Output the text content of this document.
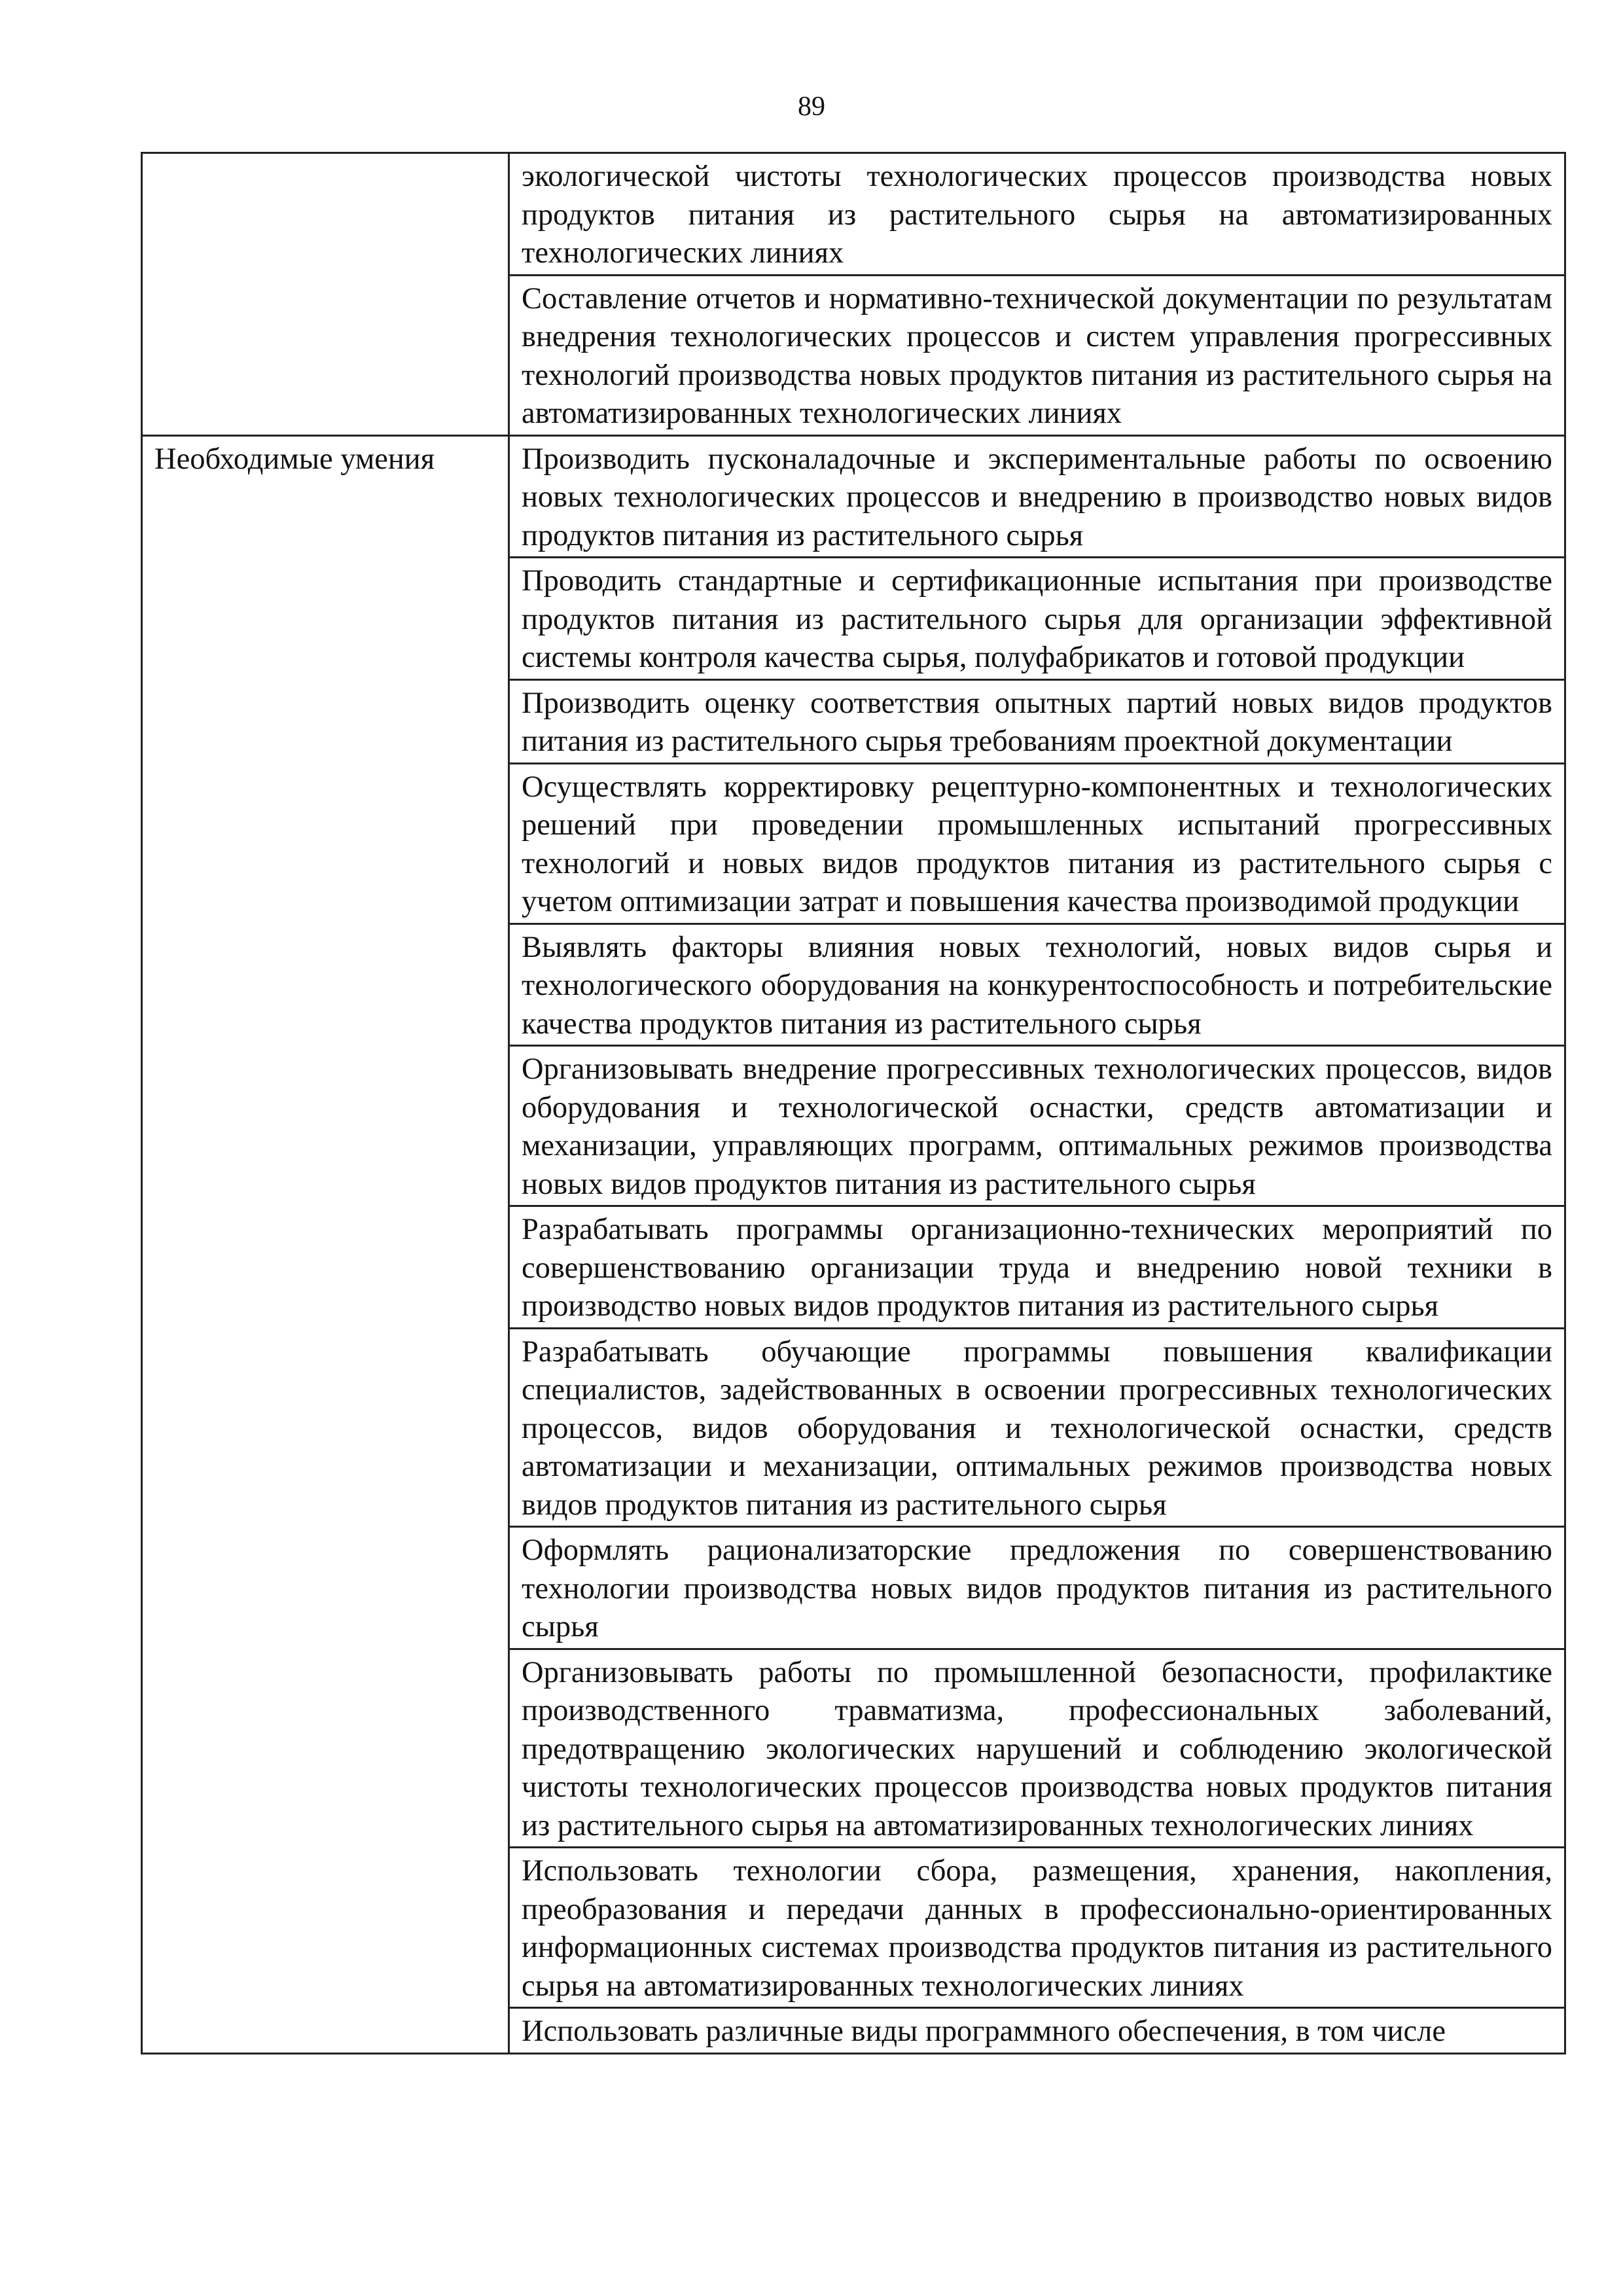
89
	экологической чистоты технологических процессов производства новых продуктов питания из растительного сырья на автоматизированных технологических линиях
	Составление отчетов и нормативно-технической документации по результатам внедрения технологических процессов и систем управления прогрессивных технологий производства новых продуктов питания из растительного сырья на автоматизированных технологических линиях
Необходимые умения	Производить пусконаладочные и экспериментальные работы по освоению новых технологических процессов и внедрению в производство новых видов продуктов питания из растительного сырья
	Проводить стандартные и сертификационные испытания при производстве продуктов питания из растительного сырья для организации эффективной системы контроля качества сырья, полуфабрикатов и готовой продукции
	Производить оценку соответствия опытных партий новых видов продуктов питания из растительного сырья требованиям проектной документации
	Осуществлять корректировку рецептурно-компонентных и технологических решений при проведении промышленных испытаний прогрессивных технологий и новых видов продуктов питания из растительного сырья с учетом оптимизации затрат и повышения качества производимой продукции
	Выявлять факторы влияния новых технологий, новых видов сырья и технологического оборудования на конкурентоспособность и потребительские качества продуктов питания из растительного сырья
	Организовывать внедрение прогрессивных технологических процессов, видов оборудования и технологической оснастки, средств автоматизации и механизации, управляющих программ, оптимальных режимов производства новых видов продуктов питания из растительного сырья
	Разрабатывать программы организационно-технических мероприятий по совершенствованию организации труда и внедрению новой техники в производство новых видов продуктов питания из растительного сырья
	Разрабатывать обучающие программы повышения квалификации специалистов, задействованных в освоении прогрессивных технологических процессов, видов оборудования и технологической оснастки, средств автоматизации и механизации, оптимальных режимов производства новых видов продуктов питания из растительного сырья
	Оформлять рационализаторские предложения по совершенствованию технологии производства новых видов продуктов питания из растительного сырья
	Организовывать работы по промышленной безопасности, профилактике производственного травматизма, профессиональных заболеваний, предотвращению экологических нарушений и соблюдению экологической чистоты технологических процессов производства новых продуктов питания из растительного сырья на автоматизированных технологических линиях
	Использовать технологии сбора, размещения, хранения, накопления, преобразования и передачи данных в профессионально-ориентированных информационных системах производства продуктов питания из растительного сырья на автоматизированных технологических линиях
	Использовать различные виды программного обеспечения, в том числе
